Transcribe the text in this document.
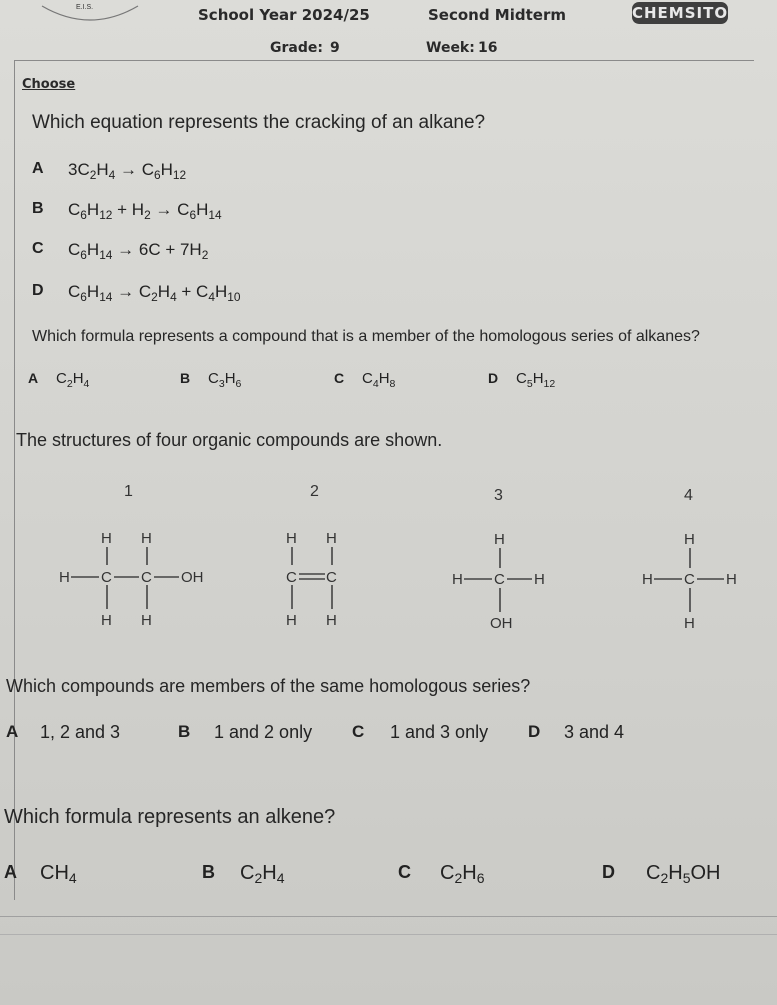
E.I.S.	School Year 2024/25	Second Midterm	CHEMSITO
Grade: 9	Week: 16
Choose
Which equation represents the cracking of an alkane?
A $3C_2H_4 \to C_6H_{12}$
B $C_6H_{12} + H_2 \to C_6H_{14}$
C $C_6H_{14} \to 6C + 7H_2$
D $C_6H_{14} \to C_2H_4 + C_4H_{10}$
Which formula represents a compound that is a member of the homologous series of alkanes?
A $C_2H_4$	B $C_3H_6$	C $C_4H_8$	D $C_5H_{12}$
The structures of four organic compounds are shown.
1	2	3	4
H H
H C C OH
H H
H H
C C
H H
H
H C H
OH
H
H C H
H
Which compounds are members of the same homologous series?
A 1, 2 and 3	B 1 and 2 only C 1 and 3 only D 3 and 4
Which formula represents an alkene?
A $CH_4$	B $C_2H_4$	C $C_2H_6$	D $C_2H_5OH$
